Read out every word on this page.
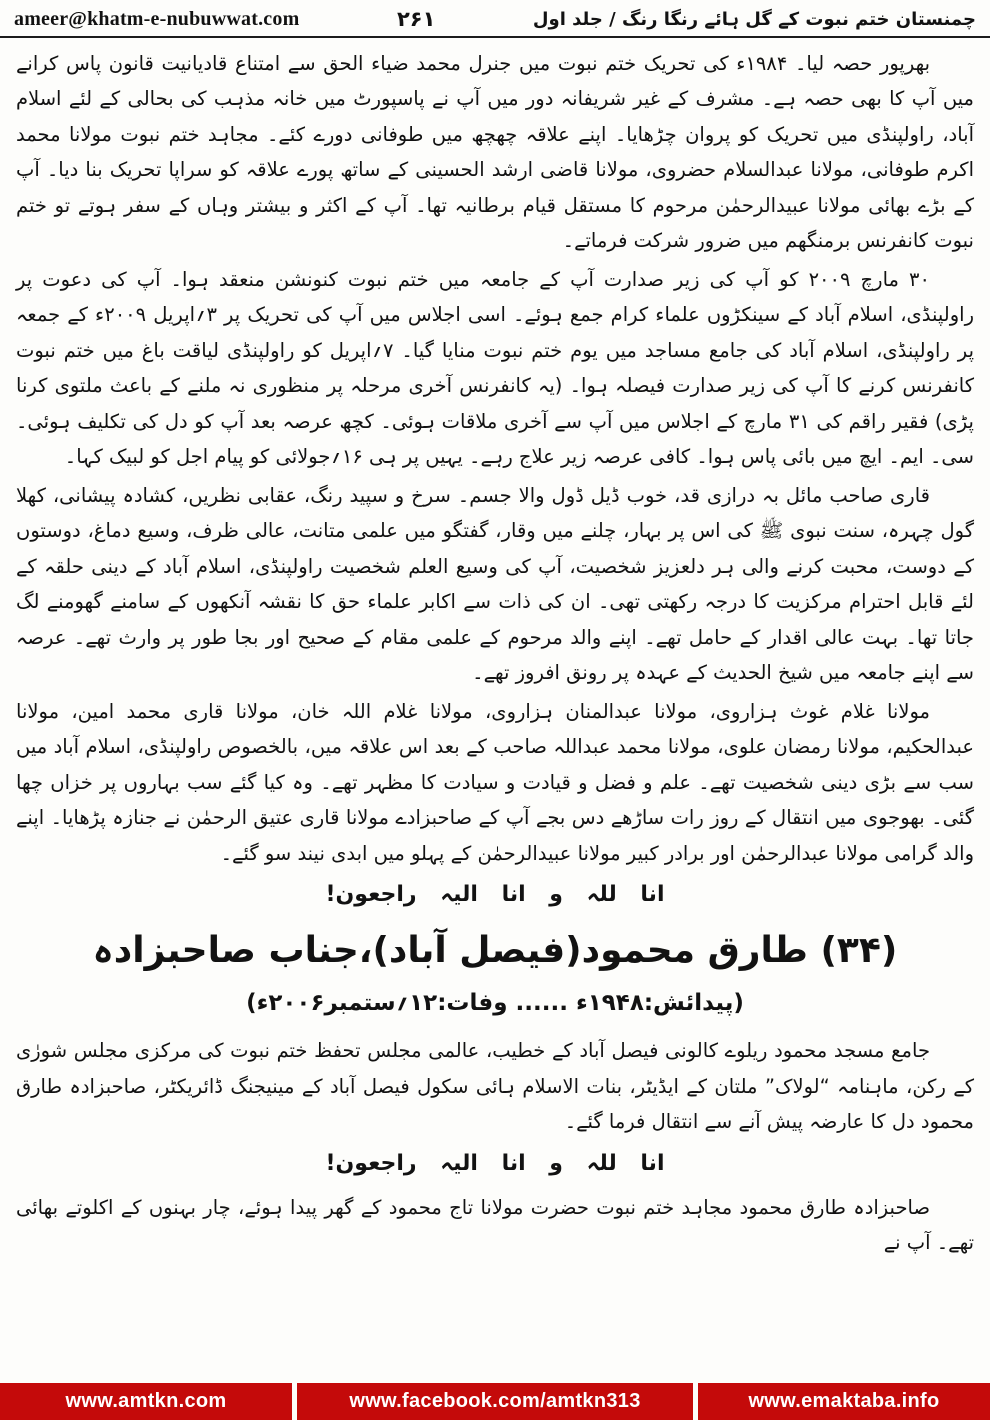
ameer@khatm-e-nubuwwat.com	۲۶۱	چمنستان ختم نبوت کے گل ہائے رنگا رنگ / جلد اول

بھرپور حصہ لیا۔ ۱۹۸۴ء کی تحریک ختم نبوت میں جنرل محمد ضیاء الحق سے امتناع قادیانیت قانون پاس کرانے میں آپ کا بھی حصہ ہے۔ مشرف کے غیر شریفانہ دور میں آپ نے پاسپورٹ میں خانہ مذہب کی بحالی کے لئے اسلام آباد، راولپنڈی میں تحریک کو پروان چڑھایا۔ اپنے علاقہ چھچھ میں طوفانی دورے کئے۔ مجاہد ختم نبوت مولانا محمد اکرم طوفانی، مولانا عبدالسلام حضروی، مولانا قاضی ارشد الحسینی کے ساتھ پورے علاقہ کو سراپا تحریک بنا دیا۔ آپ کے بڑے بھائی مولانا عبیدالرحمٰن مرحوم کا مستقل قیام برطانیہ تھا۔ آپ کے اکثر و بیشتر وہاں کے سفر ہوتے تو ختم نبوت کانفرنس برمنگھم میں ضرور شرکت فرماتے۔

۳۰ مارچ ۲۰۰۹ کو آپ کی زیر صدارت آپ کے جامعہ میں ختم نبوت کنونشن منعقد ہوا۔ آپ کی دعوت پر راولپنڈی، اسلام آباد کے سینکڑوں علماء کرام جمع ہوئے۔ اسی اجلاس میں آپ کی تحریک پر ۳؍اپریل ۲۰۰۹ء کے جمعہ پر راولپنڈی، اسلام آباد کی جامع مساجد میں یوم ختم نبوت منایا گیا۔ ۷؍اپریل کو راولپنڈی لیاقت باغ میں ختم نبوت کانفرنس کرنے کا آپ کی زیر صدارت فیصلہ ہوا۔ (یہ کانفرنس آخری مرحلہ پر منظوری نہ ملنے کے باعث ملتوی کرنا پڑی) فقیر راقم کی ۳۱ مارچ کے اجلاس میں آپ سے آخری ملاقات ہوئی۔ کچھ عرصہ بعد آپ کو دل کی تکلیف ہوئی۔ سی۔ ایم۔ ایچ میں بائی پاس ہوا۔ کافی عرصہ زیر علاج رہے۔ یہیں پر ہی ۱۶؍جولائی کو پیام اجل کو لبیک کہا۔

قاری صاحب مائل بہ درازی قد، خوب ڈیل ڈول والا جسم۔ سرخ و سپید رنگ، عقابی نظریں، کشادہ پیشانی، کھلا گول چہرہ، سنت نبوی ﷺ کی اس پر بہار، چلنے میں وقار، گفتگو میں علمی متانت، عالی ظرف، وسیع دماغ، دوستوں کے دوست، محبت کرنے والی ہر دلعزیز شخصیت، آپ کی وسیع العلم شخصیت راولپنڈی، اسلام آباد کے دینی حلقہ کے لئے قابل احترام مرکزیت کا درجہ رکھتی تھی۔ ان کی ذات سے اکابر علماء حق کا نقشہ آنکھوں کے سامنے گھومنے لگ جاتا تھا۔ بہت عالی اقدار کے حامل تھے۔ اپنے والد مرحوم کے علمی مقام کے صحیح اور بجا طور پر وارث تھے۔ عرصہ سے اپنے جامعہ میں شیخ الحدیث کے عہدہ پر رونق افروز تھے۔

مولانا غلام غوث ہزاروی، مولانا عبدالمنان ہزاروی، مولانا غلام اللہ خان، مولانا قاری محمد امین، مولانا عبدالحکیم، مولانا رمضان علوی، مولانا محمد عبداللہ صاحب کے بعد اس علاقہ میں، بالخصوص راولپنڈی، اسلام آباد میں سب سے بڑی دینی شخصیت تھے۔ علم و فضل و قیادت و سیادت کا مظہر تھے۔ وہ کیا گئے سب بہاروں پر خزاں چھا گئی۔ بھوجوی میں انتقال کے روز رات ساڑھے دس بجے آپ کے صاحبزادے مولانا قاری عتیق الرحمٰن نے جنازہ پڑھایا۔ اپنے والد گرامی مولانا عبدالرحمٰن اور برادر کبیر مولانا عبیدالرحمٰن کے پہلو میں ابدی نیند سو گئے۔

انا للہ و انا الیہ راجعون!
(۳۴) طارق محمود(فیصل آباد)،جناب صاحبزادہ
(پیدائش:۱۹۴۸ء ...... وفات:۱۲؍ستمبر۲۰۰۶ء)

جامع مسجد محمود ریلوے کالونی فیصل آباد کے خطیب، عالمی مجلس تحفظ ختم نبوت کی مرکزی مجلس شورٰی کے رکن، ماہنامہ “لولاک” ملتان کے ایڈیٹر، بنات الاسلام ہائی سکول فیصل آباد کے مینیجنگ ڈائریکٹر، صاحبزادہ طارق محمود دل کا عارضہ پیش آنے سے انتقال فرما گئے۔

انا للہ و انا الیہ راجعون!

صاحبزادہ طارق محمود مجاہد ختم نبوت حضرت مولانا تاج محمود کے گھر پیدا ہوئے، چار بہنوں کے اکلوتے بھائی تھے۔ آپ نے

www.amtkn.com	www.facebook.com/amtkn313	www.emaktaba.info
